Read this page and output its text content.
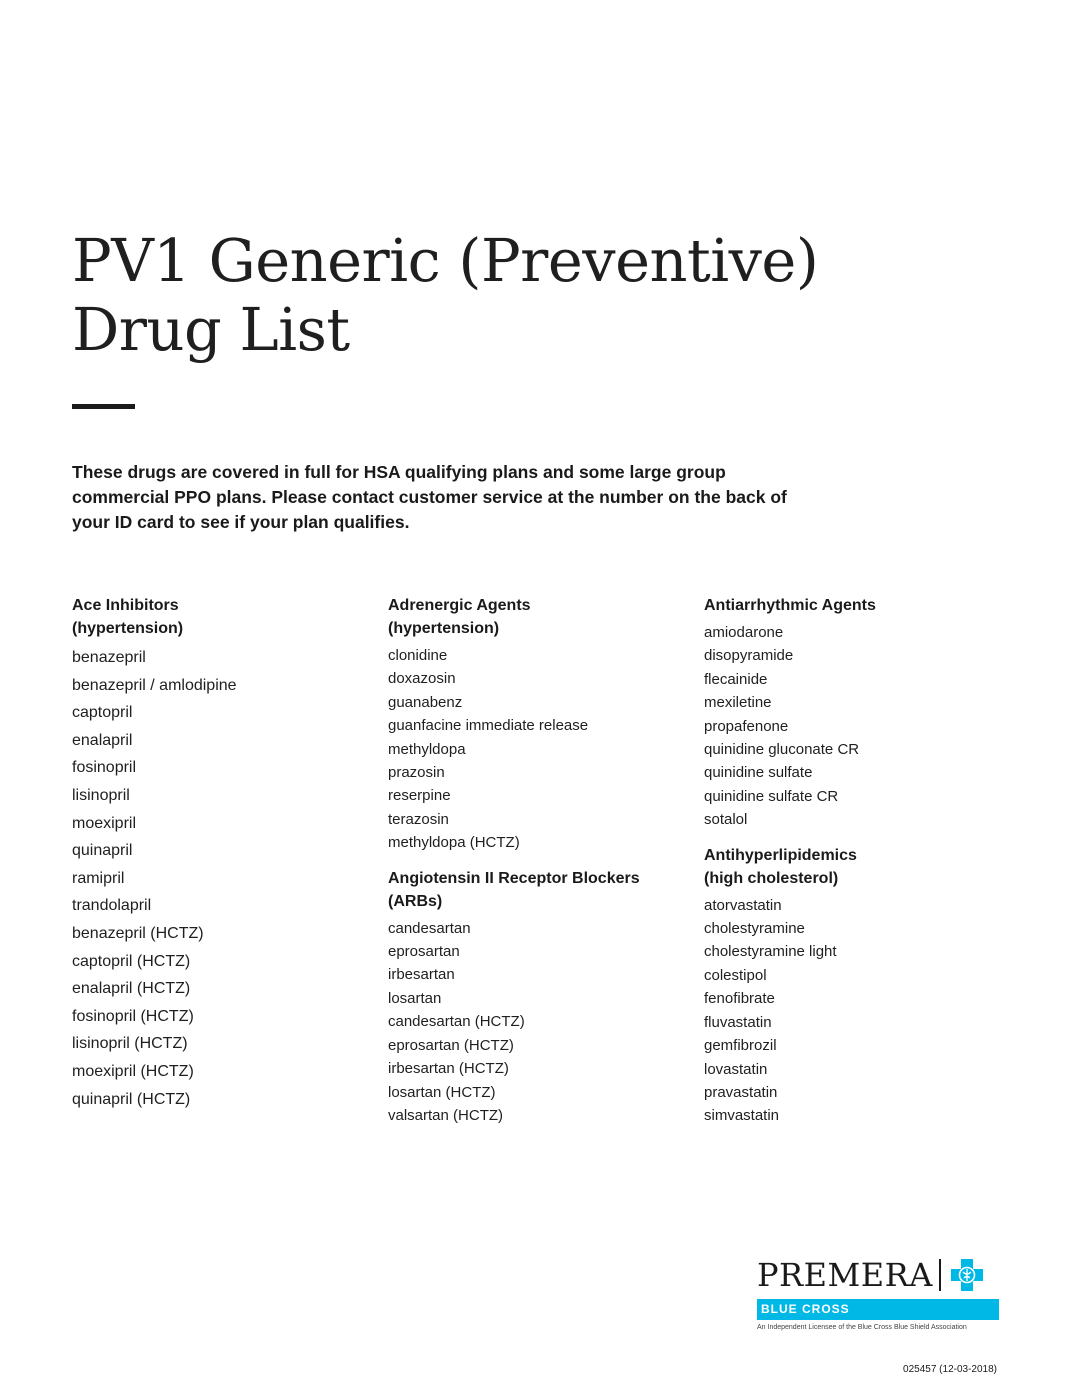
PV1 Generic (Preventive)
Drug List

These drugs are covered in full for HSA qualifying plans and some large group commercial PPO plans. Please contact customer service at the number on the back of your ID card to see if your plan qualifies.

Ace Inhibitors
(hypertension)
benazepril
benazepril / amlodipine
captopril
enalapril
fosinopril
lisinopril
moexipril
quinapril
ramipril
trandolapril
benazepril (HCTZ)
captopril (HCTZ)
enalapril (HCTZ)
fosinopril (HCTZ)
lisinopril (HCTZ)
moexipril (HCTZ)
quinapril (HCTZ)
Adrenergic Agents
(hypertension)
clonidine
doxazosin
guanabenz
guanfacine immediate release
methyldopa
prazosin
reserpine
terazosin
methyldopa (HCTZ)
Angiotensin II Receptor Blockers
(ARBs)
candesartan
eprosartan
irbesartan
losartan
candesartan (HCTZ)
eprosartan (HCTZ)
irbesartan (HCTZ)
losartan (HCTZ)
valsartan (HCTZ)
Antiarrhythmic Agents
amiodarone
disopyramide
flecainide
mexiletine
propafenone
quinidine gluconate CR
quinidine sulfate
quinidine sulfate CR
sotalol
Antihyperlipidemics
(high cholesterol)
atorvastatin
cholestyramine
cholestyramine light
colestipol
fenofibrate
fluvastatin
gemfibrozil
lovastatin
pravastatin
simvastatin
PREMERA
BLUE CROSS
An Independent Licensee of the Blue Cross Blue Shield Association
025457 (12-03-2018)
